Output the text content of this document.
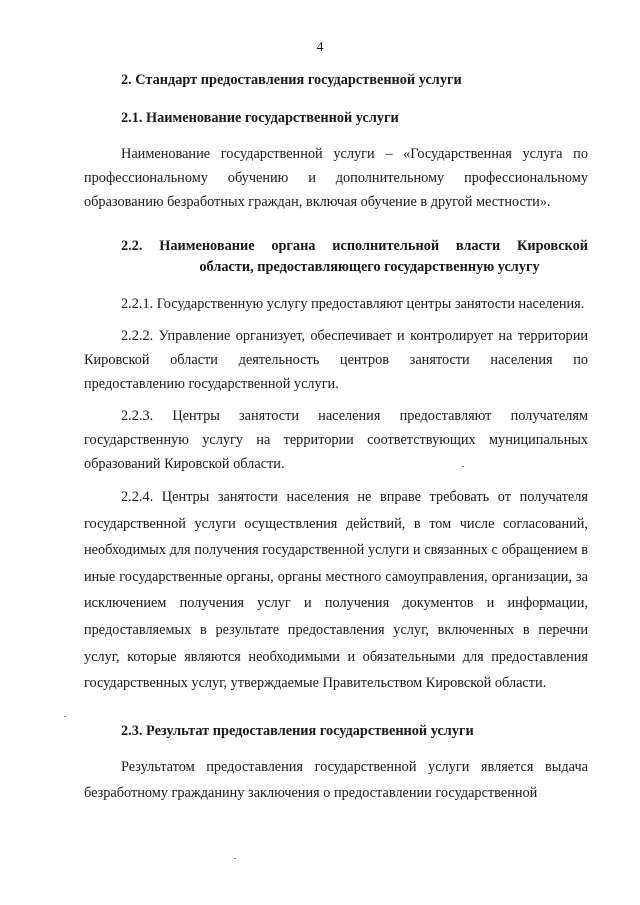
4

2. Стандарт предоставления государственной услуги

2.1. Наименование государственной услуги

Наименование государственной услуги – «Государственная услуга по профессиональному обучению и дополнительному профессиональному образованию безработных граждан, включая обучение в другой местности».

2.2. Наименование органа исполнительной власти Кировской
области, предоставляющего государственную услугу

2.2.1. Государственную услугу предоставляют центры занятости населения.

2.2.2. Управление организует, обеспечивает и контролирует на территории Кировской области деятельность центров занятости населения по предоставлению государственной услуги.

2.2.3. Центры занятости населения предоставляют получателям государственную услугу на территории соответствующих муниципальных образований Кировской области.

2.2.4. Центры занятости населения не вправе требовать от получателя государственной услуги осуществления действий, в том числе согласований, необходимых для получения государственной услуги и связанных с обращением в иные государственные органы, органы местного самоуправления, организации, за исключением получения услуг и получения документов и информации, предоставляемых в результате предоставления услуг, включенных в перечни услуг, которые являются необходимыми и обязательными для предоставления государственных услуг, утверждаемые Правительством Кировской области.

2.3. Результат предоставления государственной услуги

Результатом предоставления государственной услуги является выдача безработному гражданину заключения о предоставлении государственной
